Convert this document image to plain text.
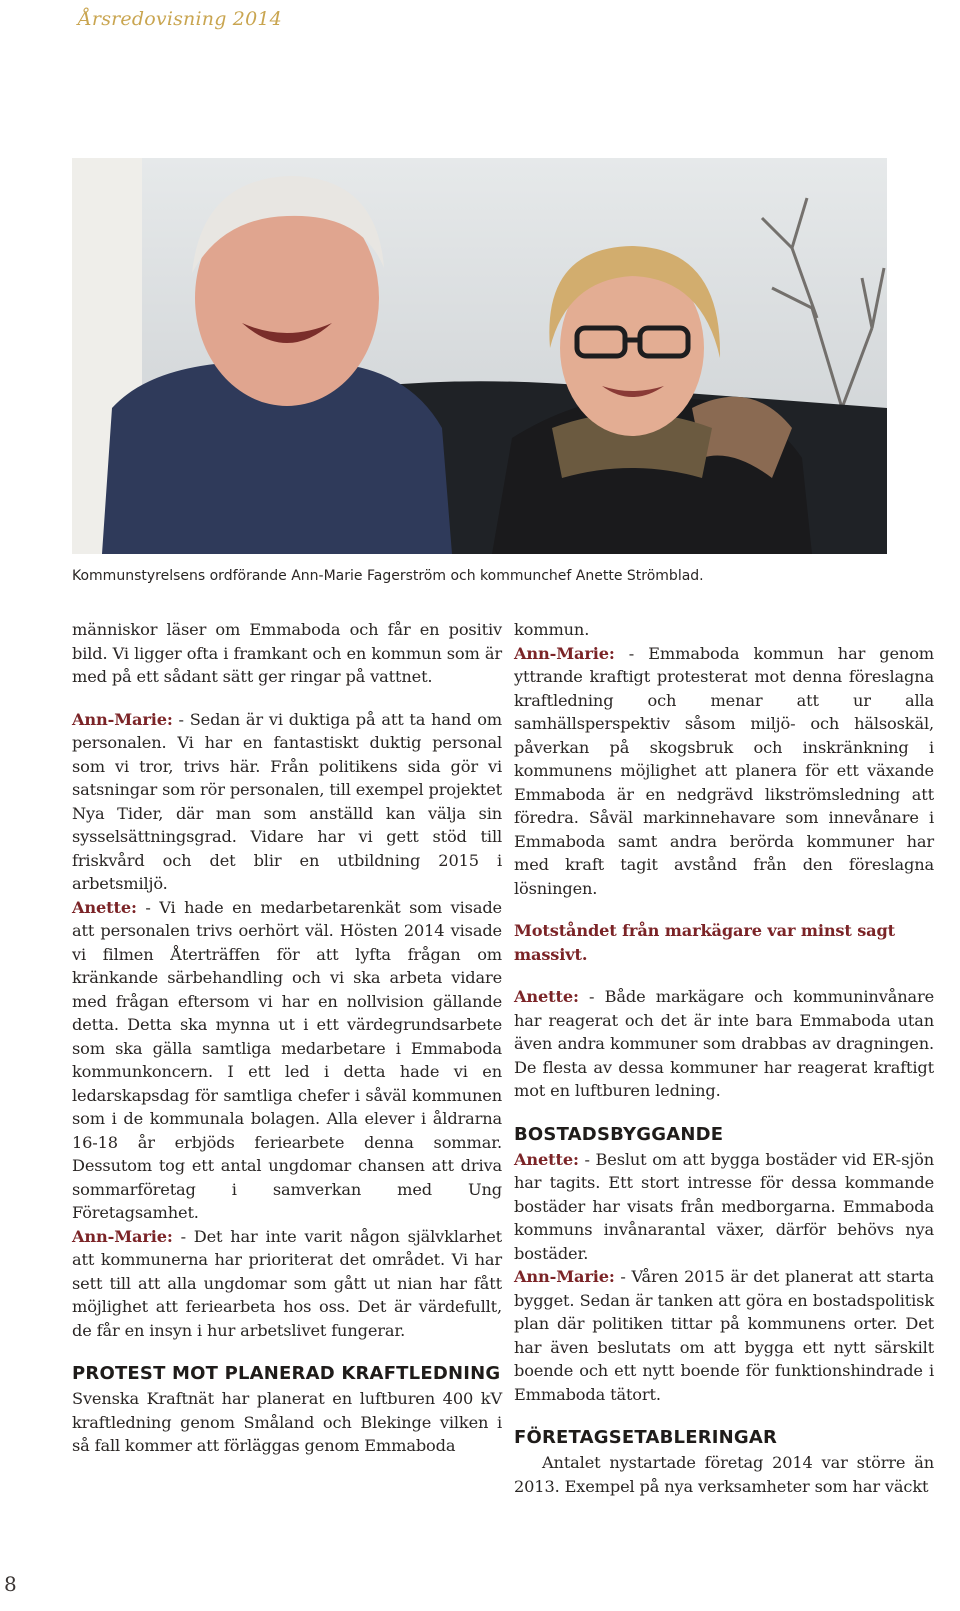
Årsredovisning 2014
Kommunstyrelsens ordförande Ann-Marie Fagerström och kommunchef Anette Strömblad.

människor läser om Emmaboda och får en positiv bild. Vi ligger ofta i framkant och en kommun som är med på ett sådant sätt ger ringar på vattnet.

Ann-Marie: - Sedan är vi duktiga på att ta hand om personalen. Vi har en fantastiskt duktig personal som vi tror, trivs här. Från politikens sida gör vi satsningar som rör personalen, till exempel projektet Nya Tider, där man som anställd kan välja sin sysselsättningsgrad. Vidare har vi gett stöd till friskvård och det blir en utbildning 2015 i arbetsmiljö.

Anette: - Vi hade en medarbetarenkät som visade att personalen trivs oerhört väl. Hösten 2014 visade vi filmen Återträffen för att lyfta frågan om kränkande särbehandling och vi ska arbeta vidare med frågan eftersom vi har en nollvision gällande detta. Detta ska mynna ut i ett värdegrundsarbete som ska gälla samtliga medarbetare i Emmaboda kommunkoncern. I ett led i detta hade vi en ledarskapsdag för samtliga chefer i såväl kommunen som i de kommunala bolagen. Alla elever i åldrarna 16-18 år erbjöds feriearbete denna sommar. Dessutom tog ett antal ungdomar chansen att driva sommarföretag i samverkan med Ung Företagsamhet.

Ann-Marie: - Det har inte varit någon självklarhet att kommunerna har prioriterat det området. Vi har sett till att alla ungdomar som gått ut nian har fått möjlighet att feriearbeta hos oss. Det är värdefullt, de får en insyn i hur arbetslivet fungerar.

PROTEST MOT PLANERAD KRAFTLEDNING

Svenska Kraftnät har planerat en luftburen 400 kV kraftledning genom Småland och Blekinge vilken i så fall kommer att förläggas genom Emmaboda

kommun.

Ann-Marie: - Emmaboda kommun har genom yttrande kraftigt protesterat mot denna föreslagna kraftledning och menar att ur alla samhällsperspektiv såsom miljö- och hälsoskäl, påverkan på skogsbruk och inskränkning i kommunens möjlighet att planera för ett växande Emmaboda är en nedgrävd likströmsledning att föredra. Såväl markinnehavare som innevånare i Emmaboda samt andra berörda kommuner har med kraft tagit avstånd från den föreslagna lösningen.

Motståndet från markägare var minst sagt massivt.

Anette: - Både markägare och kommuninvånare har reagerat och det är inte bara Emmaboda utan även andra kommuner som drabbas av dragningen. De flesta av dessa kommuner har reagerat kraftigt mot en luftburen ledning.

BOSTADSBYGGANDE

Anette: - Beslut om att bygga bostäder vid ER-sjön har tagits. Ett stort intresse för dessa kommande bostäder har visats från medborgarna. Emmaboda kommuns invånarantal växer, därför behövs nya bostäder.

Ann-Marie: - Våren 2015 är det planerat att starta bygget. Sedan är tanken att göra en bostadspolitisk plan där politiken tittar på kommunens orter. Det har även beslutats om att bygga ett nytt särskilt boende och ett nytt boende för funktionshindrade i Emmaboda tätort.

FÖRETAGSETABLERINGAR

Antalet nystartade företag 2014 var större än 2013. Exempel på nya verksamheter som har väckt

8
